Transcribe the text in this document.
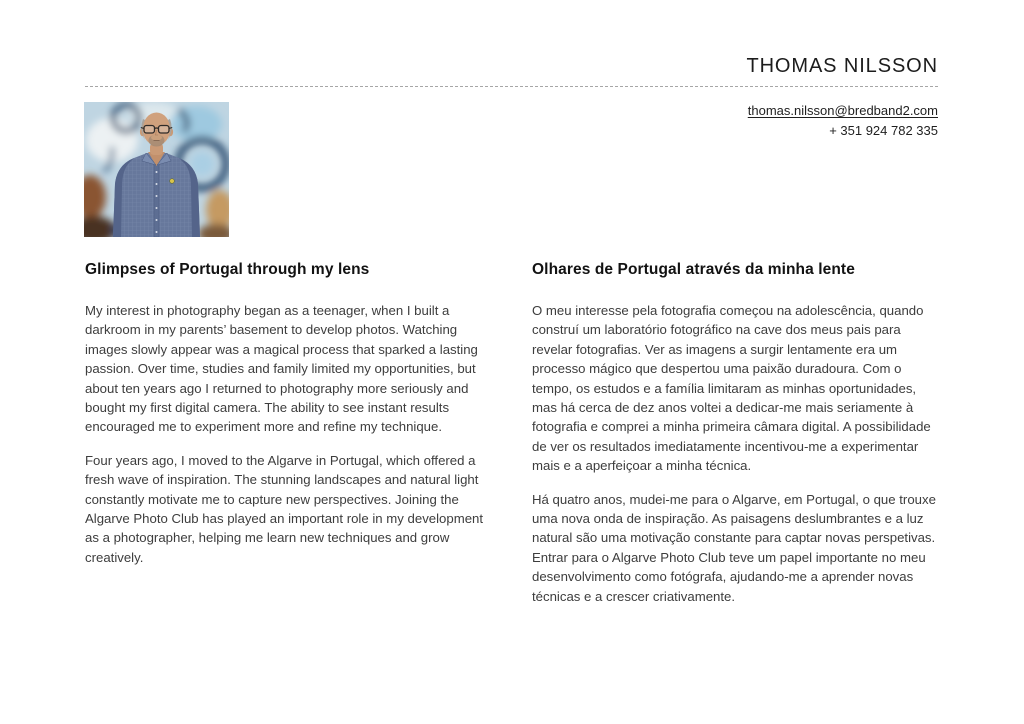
THOMAS NILSSON
thomas.nilsson@bredband2.com
+ 351 924 782 335
Glimpses of Portugal through my lens

My interest in photography began as a teenager, when I built a darkroom in my parents’ basement to develop photos. Watching images slowly appear was a magical process that sparked a lasting passion. Over time, studies and family limited my opportunities, but about ten years ago I returned to photography more seriously and bought my first digital camera. The ability to see instant results encouraged me to experiment more and refine my technique.

Four years ago, I moved to the Algarve in Portugal, which offered a fresh wave of inspiration. The stunning landscapes and natural light constantly motivate me to capture new perspectives. Joining the Algarve Photo Club has played an important role in my development as a photographer, helping me learn new techniques and grow creatively.

Olhares de Portugal através da minha lente

O meu interesse pela fotografia começou na adolescência, quando construí um laboratório fotográfico na cave dos meus pais para revelar fotografias. Ver as imagens a surgir lentamente era um processo mágico que despertou uma paixão duradoura. Com o tempo, os estudos e a família limitaram as minhas oportunidades, mas há cerca de dez anos voltei a dedicar-me mais seriamente à fotografia e comprei a minha primeira câmara digital. A possibilidade de ver os resultados imediatamente incentivou-me a experimentar mais e a aperfeiçoar a minha técnica.

Há quatro anos, mudei-me para o Algarve, em Portugal, o que trouxe uma nova onda de inspiração. As paisagens deslumbrantes e a luz natural são uma motivação constante para captar novas perspetivas. Entrar para o Algarve Photo Club teve um papel importante no meu desenvolvimento como fotógrafa, ajudando-me a aprender novas técnicas e a crescer criativamente.
